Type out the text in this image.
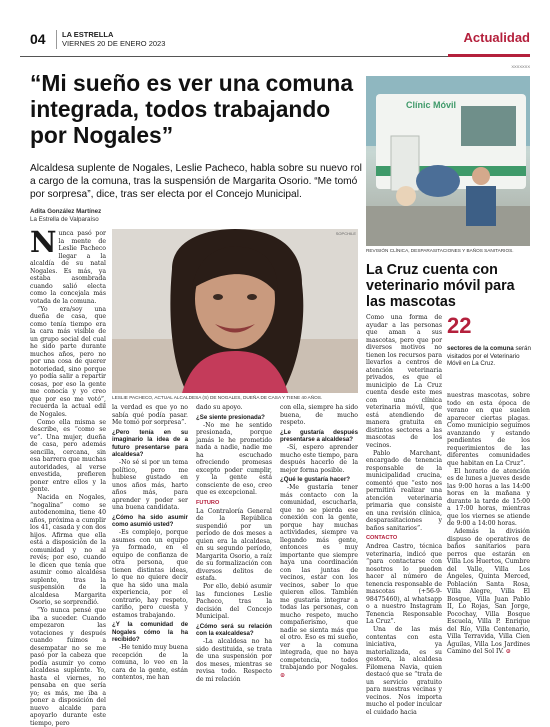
04 LA ESTRELLA
VIERNES 20 DE ENERO 2023	Actualidad
“Mi sueño es ver una comuna integrada, todos trabajando por Nogales”

Alcaldesa suplente de Nogales, Leslie Pacheco, habla sobre su nuevo rol a cargo de la comuna, tras la suspensión de Margarita Osorio. “Me tomó por sorpresa”, dice, tras ser electa por el Concejo Municipal.

Adita González Martínez
La Estrella de Valparaíso

Nunca pasó por la mente de Leslie Pacheco llegar a la alcaldía de su natal Nogales. Es más, ya estaba asombrada cuando salió electa como la concejala más votada de la comuna.

“Yo era/soy una dueña de casa, que como tenía tiempo era la cara más visible de un grupo social del cual he sido parte durante muchos años, pero no por una cosa de querer notoriedad, sino porque yo podía salir a repartir cosas, por eso la gente me conocía y yo creo que por eso me votó”, recuerda la actual edil de Nogales.

Como ella misma se describe, es “como se ve”. Una mujer, dueña de casa, pero además sencilla, cercana, sin esa barrera que muchas autoridades, al verse envestida, prefieren poner entre ellos y la gente.

Nacida en Nogales, “nogalina” como se autodenomina, tiene 40 años, próxima a cumplir los 41, casada y con dos hijos. Afirma que ella está a disposición de la comunidad y no al revés; por eso, cuando le dicen que tenía que asumir como alcaldesa suplente, tras la suspensión de la alcaldesa Margarita Osorio, se sorprendió.

“Yo nunca pensé que iba a suceder. Cuando empezaron las votaciones y después cuando fuimos a desempatar no se me pasó por la cabeza que podía asumir yo como alcaldesa suplente. Yo, hasta el viernes, no pensaba en que sería yo; es más, me iba a poner a disposición del nuevo alcalde para apoyarlo durante este tiempo, pero

SOPCHILE
LESLIE PACHECO, ACTUAL ALCALDESA (S) DE NOGALES, DUEÑA DE CASA Y TIENE 40 AÑOS.

la verdad es que yo no sabía qué podía pasar. Me tomó por sorpresa”.

¿Pero tenía en su imaginario la idea de a futuro presentarse para alcaldesa?

-No sé si por un tema político, pero me hubiese gustado en unos años más, harto años más, para aprender y poder ser una buena candidata.

¿Cómo ha sido asumir como asumió usted?

-Es complejo, porque asumes con un equipo ya formado, en el equipo de confianza de otra persona, que tienen distintas ideas, lo que no quiere decir que ha sido una mala experiencia, por el contrario, hay respeto, cariño, pero cuesta y estamos trabajando.

¿Y la comunidad de Nogales cómo la ha recibido?

-He tenido muy buena recepción de la comuna, lo veo en la cara de la gente, están contentos, me han

dado su apoyo.

¿Se siente presionada?

-No me he sentido presionada, porque jamás le he prometido nada a nadie, nadie me ha escuchado ofreciendo promesas excepto poder cumplir, y la gente está consciente de eso, creo que es excepcional.

FUTURO

La Contraloría General de la República suspendió por un período de dos meses a quien era la alcaldesa, en su segundo período, Margarita Osorio, a raíz de su formalización con diversos delitos de estafa.

Por ello, debió asumir las funciones Leslie Pacheco, tras la decisión del Concejo Municipal.

¿Cómo será su relación con la exalcaldesa?

-La alcaldesa no ha sido destituida, se trata de una suspensión por dos meses, mientras se revisa todo. Respecto de mi relación

con ella, siempre ha sido buena, de mucho respeto.

¿Le gustaría después presentarse a alcaldesa?

-Sí, espero aprender mucho este tiempo, para después hacerlo de la mejor forma posible.

¿Qué le gustaría hacer?

-Me gustaría tener más contacto con la comunidad, escucharla, que no se pierda ese conexión con la gente, porque hay muchas actividades, siempre va llegando más gente, entonces es muy importante que siempre haya una coordinación con las juntas de vecinos, estar con los vecinos, saber lo que quieren ellos. También me gustaría integrar a todas las personas, con mucho respeto, mucho compañerismo, que nadie se sienta más que el otro. Eso es mi sueño, ver a la comuna integrada, que no haya competencia, todos trabajando por Nogales. ⊙

XXXXXXX
Clínic Móvil
REVISIÓN CLÍNICA, DESPARASITACIONES Y BAÑOS SANITARIOS.
La Cruz cuenta con veterinario móvil para las mascotas

Como una forma de ayudar a las personas que aman a sus mascotas, pero que por diversos motivos no tienen los recursos para llevarlos a centros de atención veterinaria privados, es que el municipio de La Cruz cuenta desde este mes con una clínica veterinaria móvil, que está atendiendo de manera gratuita en distintos sectores a las mascotas de los vecinos.

Pablo Marchant, encargado de tenencia responsable de la municipalidad crucina, comentó que “esto nos permitirá realizar una atención veterinaria primaria que consiste en una revisión clínica, desparasitaciones y baños sanitarios”.

CONTACTO

Andrea Castro, técnica veterinaria, indicó que “para contactarse con nosotros lo pueden hacer al número de tenencia responsable de mascotas (+56-9-98475460), al whatsapp o a nuestro Instagram Tenencia Responsable La Cruz”.

Una de las más contentas con esta iniciativa, ya materializada, es su gestora, la alcaldesa Filomena Navia, quien destacó que se “trata de un servicio gratuito para nuestras vecinas y vecinos. Nos importa mucho el poder inculcar el cuidado hacia

22
sectores de la comuna serán visitados por el Veterinario Móvil en La Cruz.

nuestras mascotas, sobre todo en esta época de verano en que suelen aparecer ciertas plagas. Como municipio seguimos avanzando y estando pendientes de los requerimientos de las diferentes comunidades que habitan en La Cruz”.

El horario de atención es de lunes a jueves desde las 9:00 horas a las 14:00 horas en la mañana y durante la tarde de 15:00 a 17:00 horas, mientras que los viernes se atiende de 9:00 a 14:00 horas.

Además la división dispuso de operativos de baños sanitarios para perros que estarán en Villa Los Huertos, Cumbre del Valle, Villa Los Ángeles, Quinta Merced, Población Santa Rosa, Villa Alegre, Villa El Bosque, Villa Juan Pablo II, Lo Rojas, San Jorge, Pocochay, Villa Bosque Escuela, Villa P. Enrique del Río, Villa Centenario, Villa Terravida, Villa Cien Águilas, Villa Los Jardines Camino del Sol IV. ⊙
